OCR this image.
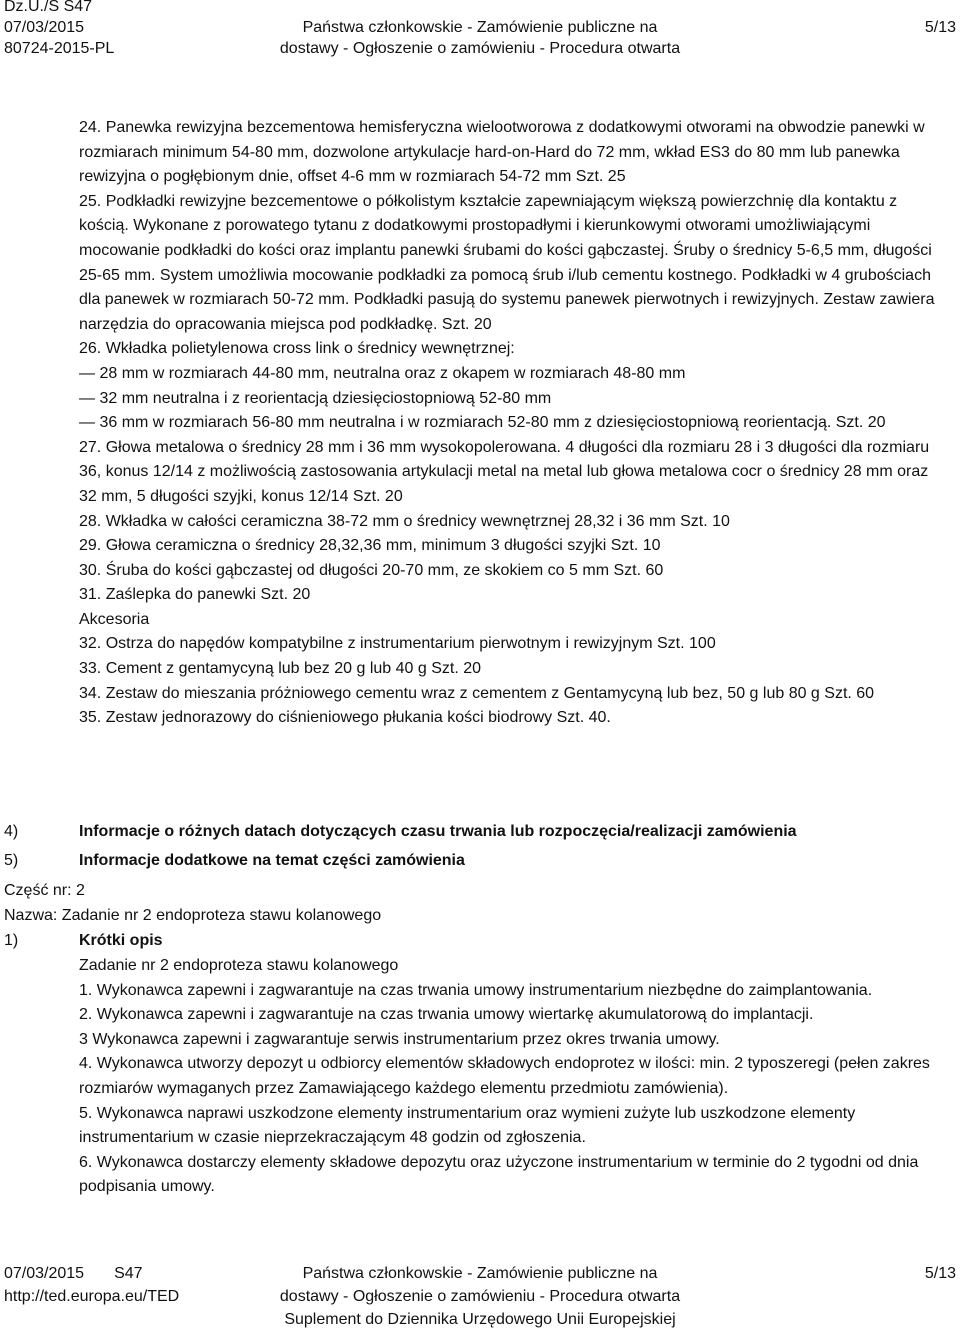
Dz.U./S S47
07/03/2015	Państwa członkowskie - Zamówienie publiczne na	5/13
80724-2015-PL	dostawy - Ogłoszenie o zamówieniu - Procedura otwarta

24. Panewka rewizyjna bezcementowa hemisferyczna wielootworowa z dodatkowymi otworami na obwodzie panewki w rozmiarach minimum 54-80 mm, dozwolone artykulacje hard-on-Hard do 72 mm, wkład ES3 do 80 mm lub panewka rewizyjna o pogłębionym dnie, offset 4-6 mm w rozmiarach 54-72 mm Szt. 25

25. Podkładki rewizyjne bezcementowe o półkolistym kształcie zapewniającym większą powierzchnię dla kontaktu z kością. Wykonane z porowatego tytanu z dodatkowymi prostopadłymi i kierunkowymi otworami umożliwiającymi mocowanie podkładki do kości oraz implantu panewki śrubami do kości gąbczastej. Śruby o średnicy 5-6,5 mm, długości 25-65 mm. System umożliwia mocowanie podkładki za pomocą śrub i/lub cementu kostnego. Podkładki w 4 grubościach dla panewek w rozmiarach 50-72 mm. Podkładki pasują do systemu panewek pierwotnych i rewizyjnych. Zestaw zawiera narzędzia do opracowania miejsca pod podkładkę. Szt. 20

26. Wkładka polietylenowa cross link o średnicy wewnętrznej:

— 28 mm w rozmiarach 44-80 mm, neutralna oraz z okapem w rozmiarach 48-80 mm

— 32 mm neutralna i z reorientacją dziesięciostopniową 52-80 mm

— 36 mm w rozmiarach 56-80 mm neutralna i w rozmiarach 52-80 mm z dziesięciostopniową reorientacją. Szt. 20

27. Głowa metalowa o średnicy 28 mm i 36 mm wysokopolerowana. 4 długości dla rozmiaru 28 i 3 długości dla rozmiaru 36, konus 12/14 z możliwością zastosowania artykulacji metal na metal lub głowa metalowa cocr o średnicy 28 mm oraz 32 mm, 5 długości szyjki, konus 12/14 Szt. 20

28. Wkładka w całości ceramiczna 38-72 mm o średnicy wewnętrznej 28,32 i 36 mm Szt. 10

29. Głowa ceramiczna o średnicy 28,32,36 mm, minimum 3 długości szyjki Szt. 10

30. Śruba do kości gąbczastej od długości 20-70 mm, ze skokiem co 5 mm Szt. 60

31. Zaślepka do panewki Szt. 20

Akcesoria

32. Ostrza do napędów kompatybilne z instrumentarium pierwotnym i rewizyjnym Szt. 100

33. Cement z gentamycyną lub bez 20 g lub 40 g Szt. 20

34. Zestaw do mieszania próżniowego cementu wraz z cementem z Gentamycyną lub bez, 50 g lub 80 g Szt. 60

35. Zestaw jednorazowy do ciśnieniowego płukania kości biodrowy Szt. 40.

4)	Informacje o różnych datach dotyczących czasu trwania lub rozpoczęcia/realizacji zamówienia
5)	Informacje dodatkowe na temat części zamówienia
Część nr: 2
Nazwa: Zadanie nr 2 endoproteza stawu kolanowego
1)	Krótki opis

Zadanie nr 2 endoproteza stawu kolanowego

1. Wykonawca zapewni i zagwarantuje na czas trwania umowy instrumentarium niezbędne do zaimplantowania.

2. Wykonawca zapewni i zagwarantuje na czas trwania umowy wiertarkę akumulatorową do implantacji.

3 Wykonawca zapewni i zagwarantuje serwis instrumentarium przez okres trwania umowy.

4. Wykonawca utworzy depozyt u odbiorcy elementów składowych endoprotez w ilości: min. 2 typoszeregi (pełen zakres rozmiarów wymaganych przez Zamawiającego każdego elementu przedmiotu zamówienia).

5. Wykonawca naprawi uszkodzone elementy instrumentarium oraz wymieni zużyte lub uszkodzone elementy instrumentarium w czasie nieprzekraczającym 48 godzin od zgłoszenia.

6. Wykonawca dostarczy elementy składowe depozytu oraz użyczone instrumentarium w terminie do 2 tygodni od dnia podpisania umowy.

07/03/2015 S47	Państwa członkowskie - Zamówienie publiczne na	5/13
http://ted.europa.eu/TED	dostawy - Ogłoszenie o zamówieniu - Procedura otwarta
Suplement do Dziennika Urzędowego Unii Europejskiej
